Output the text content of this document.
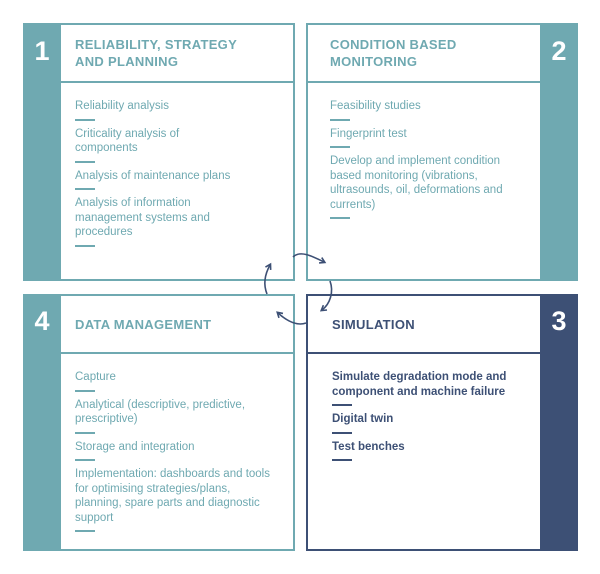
1	RELIABILITY, STRATEGY
AND PLANNING
Reliability analysis
Criticality analysis of components
Analysis of maintenance plans
Analysis of information management systems and procedures
CONDITION BASED
MONITORING
Feasibility studies
Fingerprint test
Develop and implement condition based monitoring (vibrations, ultrasounds, oil, deformations and currents)
2
4	DATA MANAGEMENT
Capture
Analytical (descriptive, predictive, prescriptive)
Storage and integration
Implementation: dashboards and tools for optimising strategies/plans, planning, spare parts and diagnostic support
SIMULATION
Simulate degradation mode and component and machine failure
Digital twin
Test benches
3
